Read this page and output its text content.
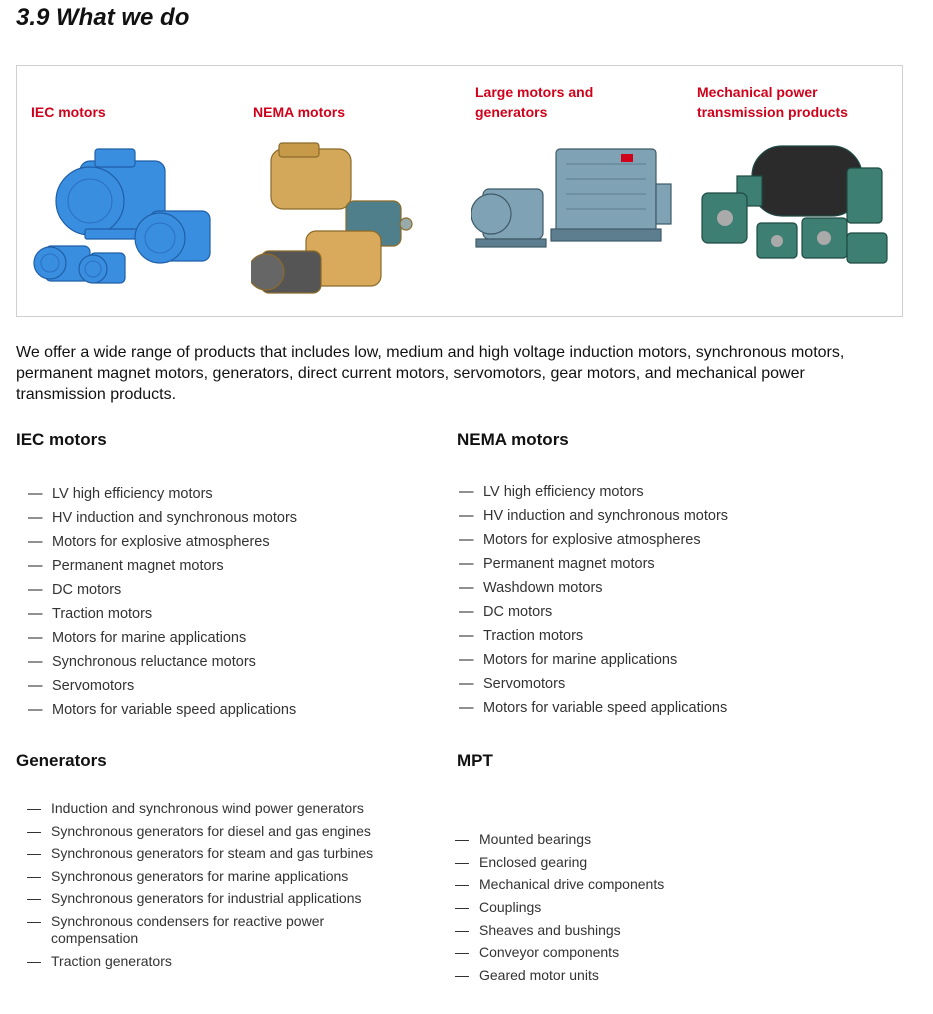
3.9 What we do
IEC motors	NEMA motors
Large motors and generators
Mechanical power transmission products
We offer a wide range of products that includes low, medium and high voltage induction motors, synchronous motors, permanent magnet motors, generators, direct current motors, servomotors, gear motors, and mechanical power transmission products.
IEC motors
— LV high efficiency motors
— HV induction and synchronous motors
— Motors for explosive atmospheres
— Permanent magnet motors
— DC motors
— Traction motors
— Motors for marine applications
— Synchronous reluctance motors
— Servomotors
— Motors for variable speed applications
NEMA motors
— LV high efficiency motors
— HV induction and synchronous motors
— Motors for explosive atmospheres
— Permanent magnet motors
— Washdown motors
— DC motors
— Traction motors
— Motors for marine applications
— Servomotors
— Motors for variable speed applications
Generators
— Induction and synchronous wind power generators
— Synchronous generators for diesel and gas engines
— Synchronous generators for steam and gas turbines
— Synchronous generators for marine applications
— Synchronous generators for industrial applications
— Synchronous condensers for reactive power compensation
— Traction generators
MPT
— Mounted bearings
— Enclosed gearing
— Mechanical drive components
— Couplings
— Sheaves and bushings
— Conveyor components
— Geared motor units
